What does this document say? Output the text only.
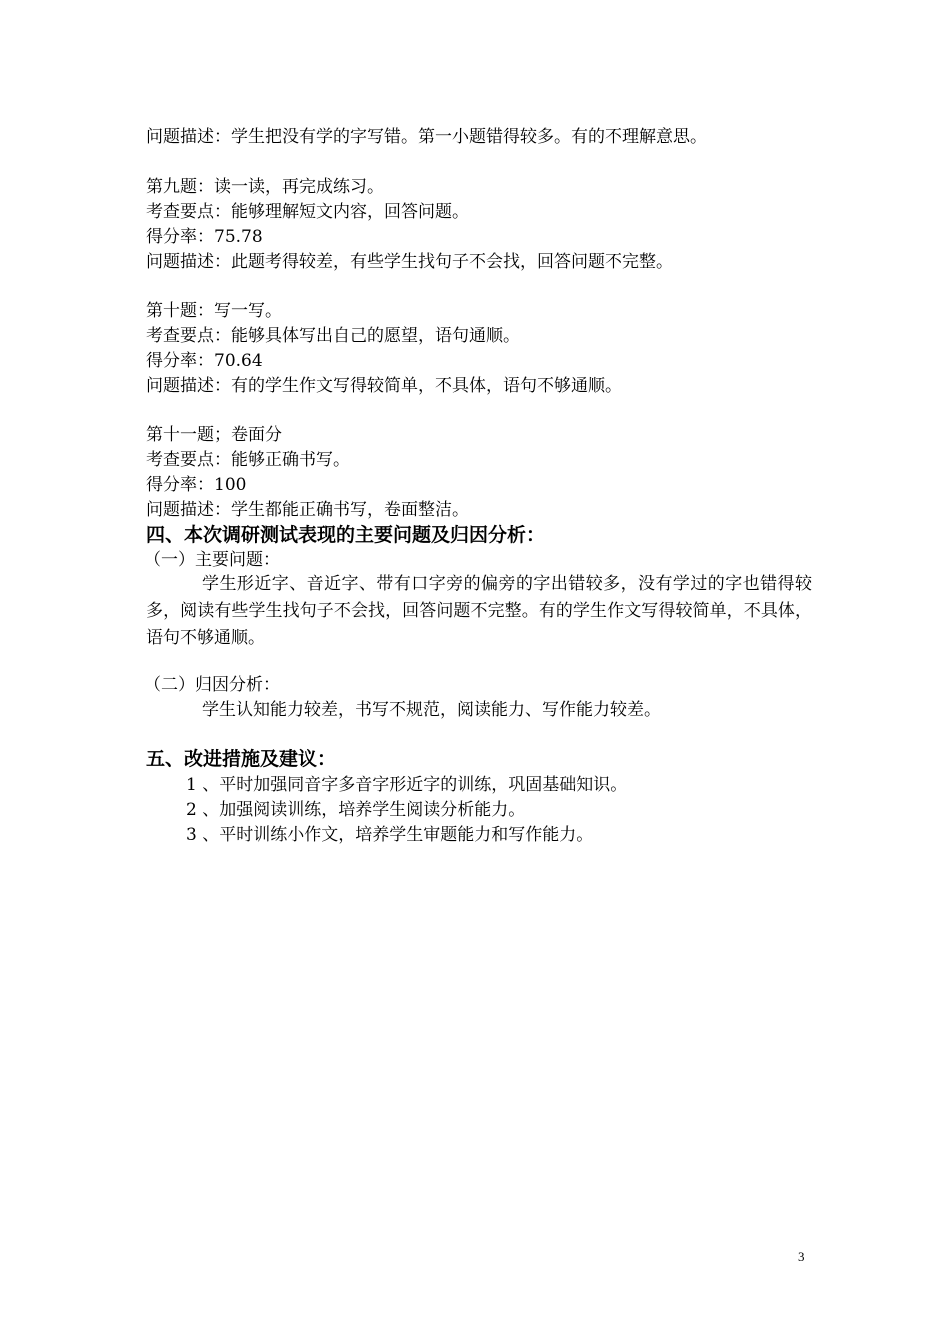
问题描述：学生把没有学的字写错。第一小题错得较多。有的不理解意思。
第九题：读一读，再完成练习。
考查要点：能够理解短文内容，回答问题。
得分率：75.78
问题描述：此题考得较差，有些学生找句子不会找，回答问题不完整。
第十题：写一写。
考查要点：能够具体写出自己的愿望，语句通顺。
得分率：70.64
问题描述：有的学生作文写得较简单，不具体，语句不够通顺。
第十一题；卷面分
考查要点：能够正确书写。
得分率：100
问题描述：学生都能正确书写，卷面整洁。
四、本次调研测试表现的主要问题及归因分析：
（一）主要问题：
学生形近字、音近字、带有口字旁的偏旁的字出错较多，没有学过的字也错得较多，阅读有些学生找句子不会找，回答问题不完整。有的学生作文写得较简单，不具体，语句不够通顺。
（二）归因分析：
学生认知能力较差，书写不规范，阅读能力、写作能力较差。
五、改进措施及建议：
1 、平时加强同音字多音字形近字的训练，巩固基础知识。
2 、加强阅读训练，培养学生阅读分析能力。
3 、平时训练小作文，培养学生审题能力和写作能力。
3
